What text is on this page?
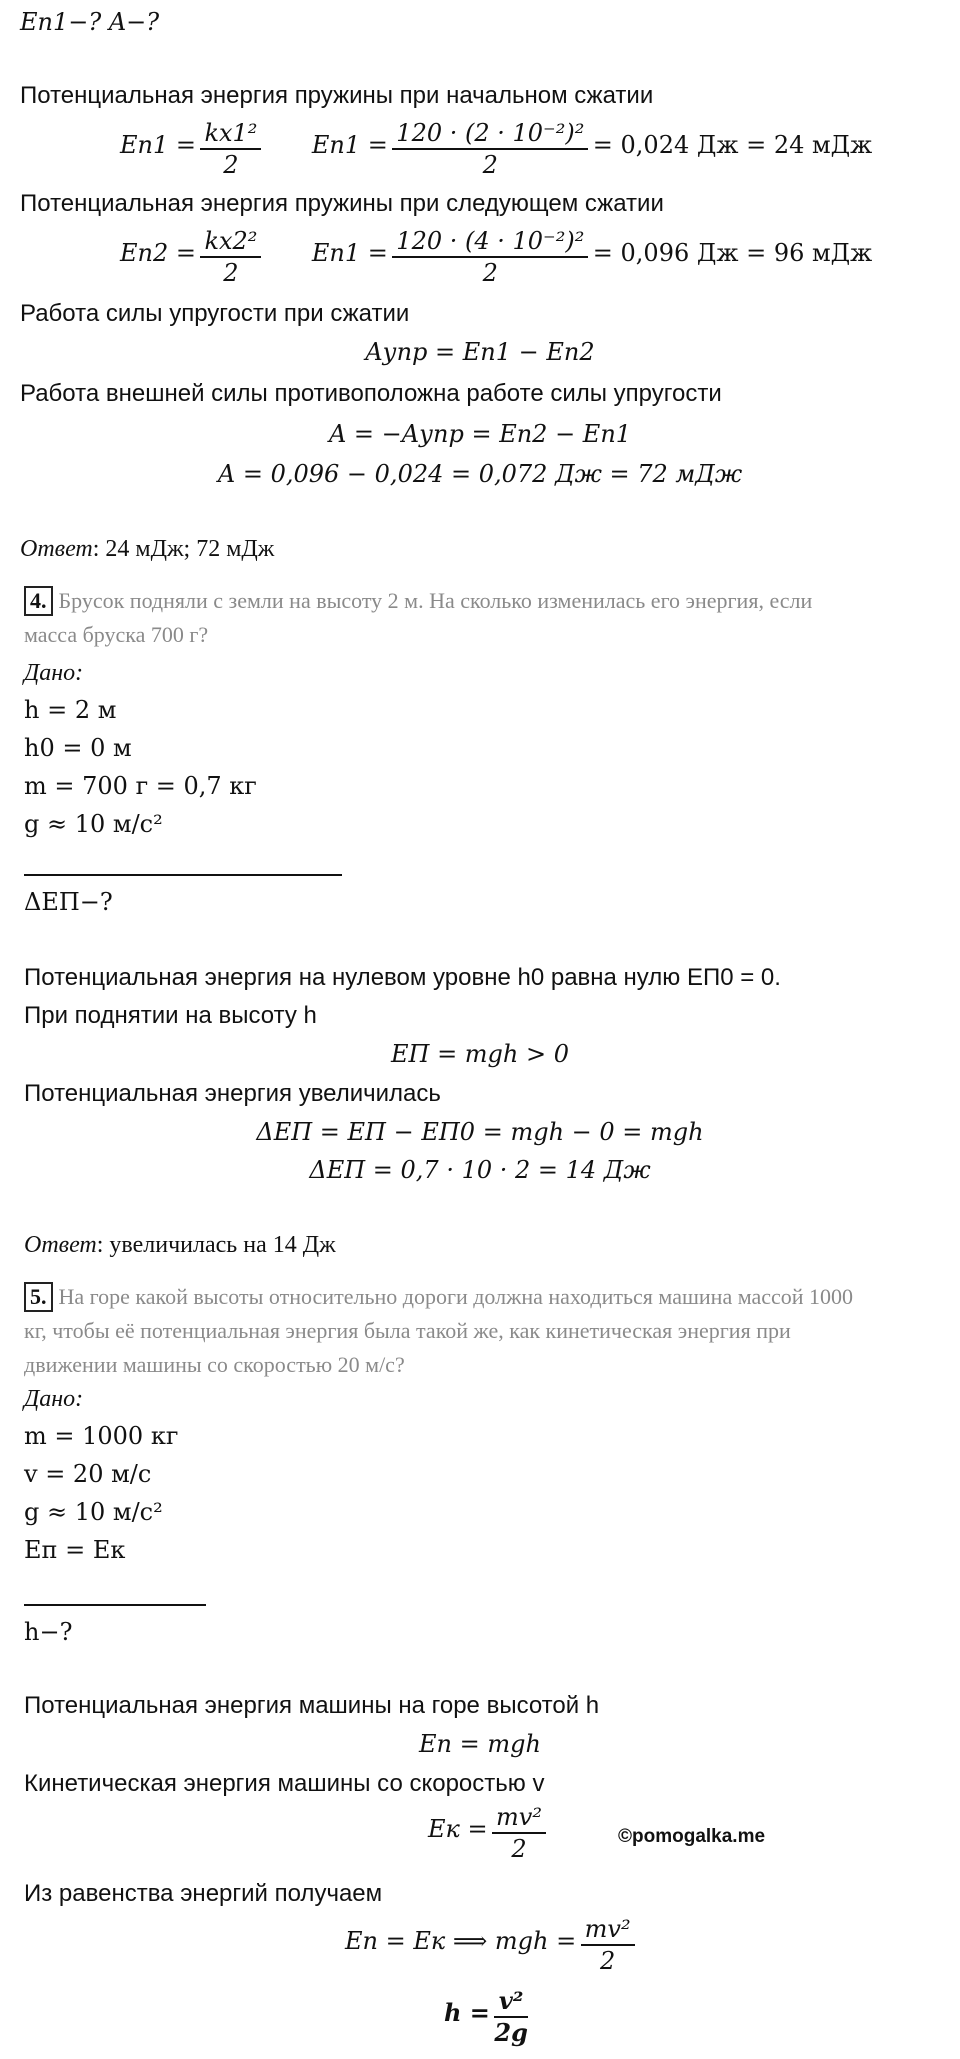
Eп1−? A−?
Потенциальная энергия пружины при начальном сжатии
$Eп1 = \frac{\text{kx1²}}{2} Eп1 = \frac{\text{120 · (2 · 10⁻²)²}}{2} = 0,024$ Дж = 24 мДж
Потенциальная энергия пружины при следующем сжатии
$Eп2 = \frac{\text{kx2²}}{2} Eп1 = \frac{\text{120 · (4 · 10⁻²)²}}{2} = 0,096$ Дж = 96 мДж
Работа силы упругости при сжатии
Aупр = Eп1 − Eп2
Работа внешней силы противоположна работе силы упругости
A = −Aупр = Eп2 − Eп1
A = 0,096 − 0,024 = 0,072 Дж = 72 мДж
Ответ: 24 мДж; 72 мДж
4. Брусок подняли с земли на высоту 2 м. На сколько изменилась его энергия, если
масса бруска 700 г?
Дано:
h = 2 м
h0 = 0 м
m = 700 г = 0,7 кг
g ≈ 10 м/с²
ΔEП−?
Потенциальная энергия на нулевом уровне h0 равна нулю EП0 = 0.
При поднятии на высоту h
EП = mgh > 0
Потенциальная энергия увеличилась
ΔEП = EП − EП0 = mgh − 0 = mgh
ΔEП = 0,7 · 10 · 2 = 14 Дж
Ответ: увеличилась на 14 Дж
5. На горе какой высоты относительно дороги должна находиться машина массой 1000
кг, чтобы её потенциальная энергия была такой же, как кинетическая энергия при
движении машины со скоростью 20 м/с?
Дано:
m = 1000 кг
v = 20 м/с
g ≈ 10 м/с²
Eп = Eк
h−?
Потенциальная энергия машины на горе высотой h
Eп = mgh
Кинетическая энергия машины со скоростью v
Eк = $\frac{\text{mv²}}{2}$	©pomogalka.me
Из равенства энергий получаем
Eп = Eк ⟹ mgh = $\frac{\text{mv²}}{2}$
$h = \frac{\text{v²}}{2g}$
